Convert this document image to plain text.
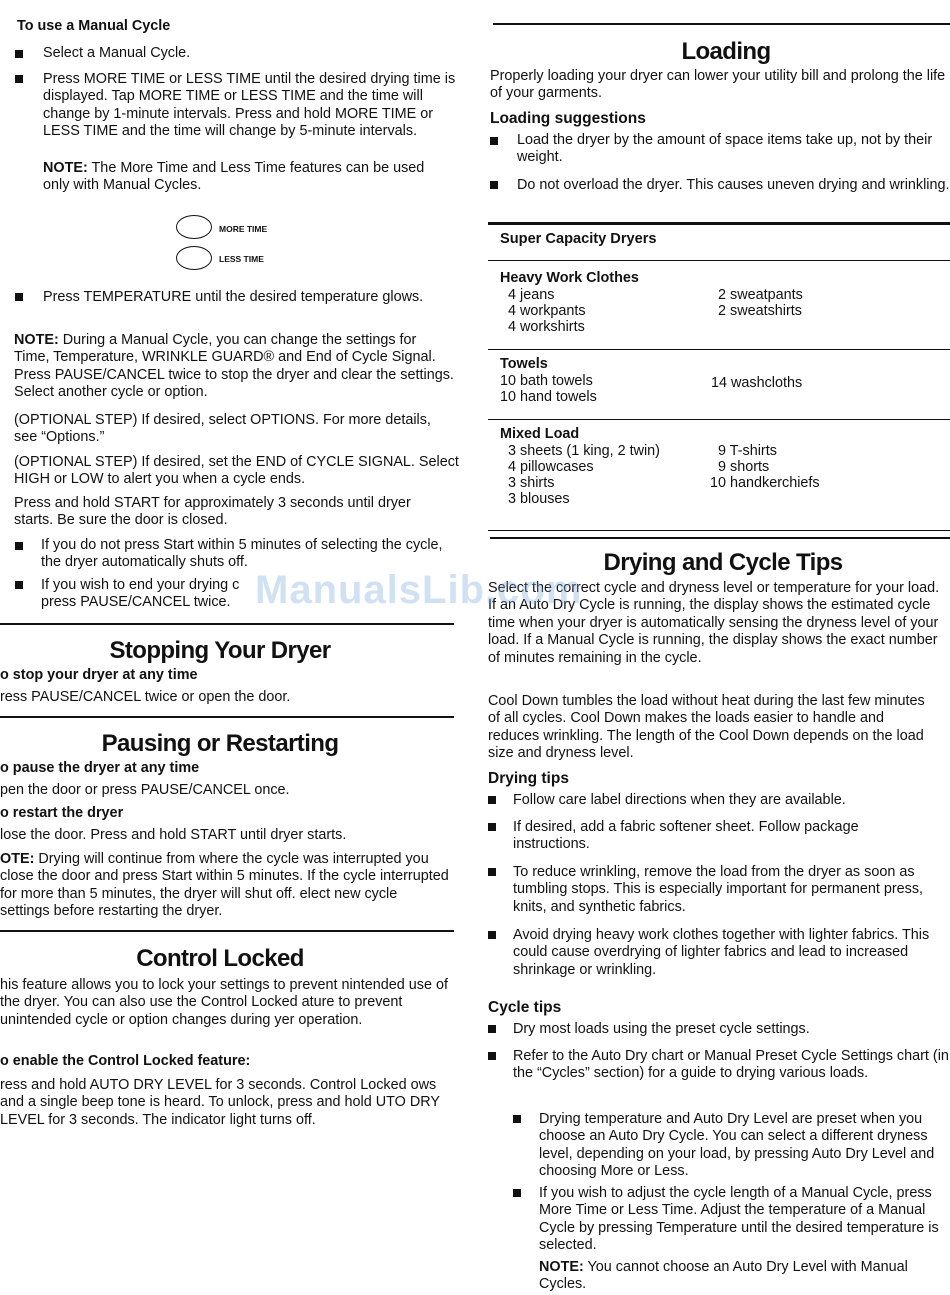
To use a Manual Cycle

Select a Manual Cycle.

Press MORE TIME or LESS TIME until the desired drying time is displayed. Tap MORE TIME or LESS TIME and the time will change by 1-minute intervals. Press and hold MORE TIME or LESS TIME and the time will change by 5-minute intervals.

NOTE: The More Time and Less Time features can be used only with Manual Cycles.

MORE TIME
LESS TIME

Press TEMPERATURE until the desired temperature glows.

NOTE: During a Manual Cycle, you can change the settings for Time, Temperature, WRINKLE GUARD® and End of Cycle Signal. Press PAUSE/CANCEL twice to stop the dryer and clear the settings. Select another cycle or option.

(OPTIONAL STEP) If desired, select OPTIONS. For more details, see “Options.”

(OPTIONAL STEP) If desired, set the END of CYCLE SIGNAL. Select HIGH or LOW to alert you when a cycle ends.

Press and hold START for approximately 3 seconds until dryer starts. Be sure the door is closed.

If you do not press Start within 5 minutes of selecting the cycle, the dryer automatically shuts off.

If you wish to end your drying c
press PAUSE/CANCEL twice.

Stopping Your Dryer

o stop your dryer at any time

ress PAUSE/CANCEL twice or open the door.

Pausing or Restarting

o pause the dryer at any time

pen the door or press PAUSE/CANCEL once.

o restart the dryer

lose the door. Press and hold START until dryer starts.

OTE: Drying will continue from where the cycle was interrupted you close the door and press Start within 5 minutes. If the cycle interrupted for more than 5 minutes, the dryer will shut off. elect new cycle settings before restarting the dryer.

Control Locked

his feature allows you to lock your settings to prevent nintended use of the dryer. You can also use the Control Locked ature to prevent unintended cycle or option changes during yer operation.

o enable the Control Locked feature:

ress and hold AUTO DRY LEVEL for 3 seconds. Control Locked ows and a single beep tone is heard. To unlock, press and hold UTO DRY LEVEL for 3 seconds. The indicator light turns off.

Loading

Properly loading your dryer can lower your utility bill and prolong the life of your garments.

Loading suggestions

Load the dryer by the amount of space items take up, not by their weight.

Do not overload the dryer. This causes uneven drying and wrinkling.

Super Capacity Dryers

Heavy Work Clothes

4 jeans

4 workpants

4 workshirts

2 sweatpants

2 sweatshirts

Towels

10 bath towels

10 hand towels

14 washcloths

Mixed Load

3 sheets (1 king, 2 twin)

4 pillowcases

3 shirts

3 blouses

9 T-shirts

9 shorts

10 handkerchiefs

Drying and Cycle Tips

Select the correct cycle and dryness level or temperature for your load. If an Auto Dry Cycle is running, the display shows the estimated cycle time when your dryer is automatically sensing the dryness level of your load. If a Manual Cycle is running, the display shows the exact number of minutes remaining in the cycle.

Cool Down tumbles the load without heat during the last few minutes of all cycles. Cool Down makes the loads easier to handle and reduces wrinkling. The length of the Cool Down depends on the load size and dryness level.

Drying tips

Follow care label directions when they are available.

If desired, add a fabric softener sheet. Follow package instructions.

To reduce wrinkling, remove the load from the dryer as soon as tumbling stops. This is especially important for permanent press, knits, and synthetic fabrics.

Avoid drying heavy work clothes together with lighter fabrics. This could cause overdrying of lighter fabrics and lead to increased shrinkage or wrinkling.

Cycle tips

Dry most loads using the preset cycle settings.

Refer to the Auto Dry chart or Manual Preset Cycle Settings chart (in the “Cycles” section) for a guide to drying various loads.

Drying temperature and Auto Dry Level are preset when you choose an Auto Dry Cycle. You can select a different dryness level, depending on your load, by pressing Auto Dry Level and choosing More or Less.

If you wish to adjust the cycle length of a Manual Cycle, press More Time or Less Time. Adjust the temperature of a Manual Cycle by pressing Temperature until the desired temperature is selected.

NOTE: You cannot choose an Auto Dry Level with Manual Cycles.

ManualsLib.com
